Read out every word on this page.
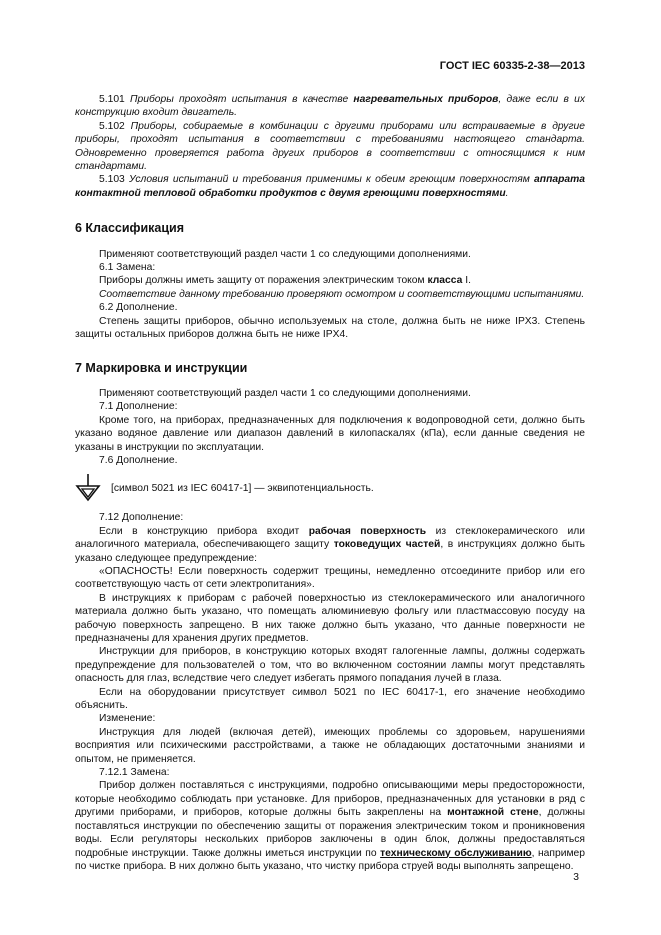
ГОСТ IEC 60335-2-38—2013

5.101 Приборы проходят испытания в качестве нагревательных приборов, даже если в их конструкцию входит двигатель.

5.102 Приборы, собираемые в комбинации с другими приборами или встраиваемые в другие приборы, проходят испытания в соответствии с требованиями настоящего стандарта. Одновременно проверяется работа других приборов в соответствии с относящимся к ним стандартами.

5.103 Условия испытаний и требования применимы к обеим греющим поверхностям аппарата контактной тепловой обработки продуктов с двумя греющими поверхностями.

6 Классификация

Применяют соответствующий раздел части 1 со следующими дополнениями.

6.1 Замена:

Приборы должны иметь защиту от поражения электрическим током класса I.

Соответствие данному требованию проверяют осмотром и соответствующими испытаниями.

6.2 Дополнение.

Степень защиты приборов, обычно используемых на столе, должна быть не ниже IPX3. Степень защиты остальных приборов должна быть не ниже IPX4.

7 Маркировка и инструкции

Применяют соответствующий раздел части 1 со следующими дополнениями.

7.1 Дополнение:

Кроме того, на приборах, предназначенных для подключения к водопроводной сети, должно быть указано водяное давление или диапазон давлений в килопаскалях (кПа), если данные сведения не указаны в инструкции по эксплуатации.

7.6 Дополнение.

[символ 5021 из IEC 60417-1] — эквипотенциальность.

7.12 Дополнение:

Если в конструкцию прибора входит рабочая поверхность из стеклокерамического или аналогичного материала, обеспечивающего защиту токоведущих частей, в инструкциях должно быть указано следующее предупреждение:

«ОПАСНОСТЬ! Если поверхность содержит трещины, немедленно отсоедините прибор или его соответствующую часть от сети электропитания».

В инструкциях к приборам с рабочей поверхностью из стеклокерамического или аналогичного материала должно быть указано, что помещать алюминиевую фольгу или пластмассовую посуду на рабочую поверхность запрещено. В них также должно быть указано, что данные поверхности не предназначены для хранения других предметов.

Инструкции для приборов, в конструкцию которых входят галогенные лампы, должны содержать предупреждение для пользователей о том, что во включенном состоянии лампы могут представлять опасность для глаз, вследствие чего следует избегать прямого попадания лучей в глаза.

Если на оборудовании присутствует символ 5021 по IEC 60417-1, его значение необходимо объяснить.

Изменение:

Инструкция для людей (включая детей), имеющих проблемы со здоровьем, нарушениями восприятия или психическими расстройствами, а также не обладающих достаточными знаниями и опытом, не применяется.

7.12.1 Замена:

Прибор должен поставляться с инструкциями, подробно описывающими меры предосторожности, которые необходимо соблюдать при установке. Для приборов, предназначенных для установки в ряд с другими приборами, и приборов, которые должны быть закреплены на монтажной стене, должны поставляться инструкции по обеспечению защиты от поражения электрическим током и проникновения воды. Если регуляторы нескольких приборов заключены в один блок, должны предоставляться подробные инструкции. Также должны иметься инструкции по техническому обслуживанию, например по чистке прибора. В них должно быть указано, что чистку прибора струей воды выполнять запрещено.

3
